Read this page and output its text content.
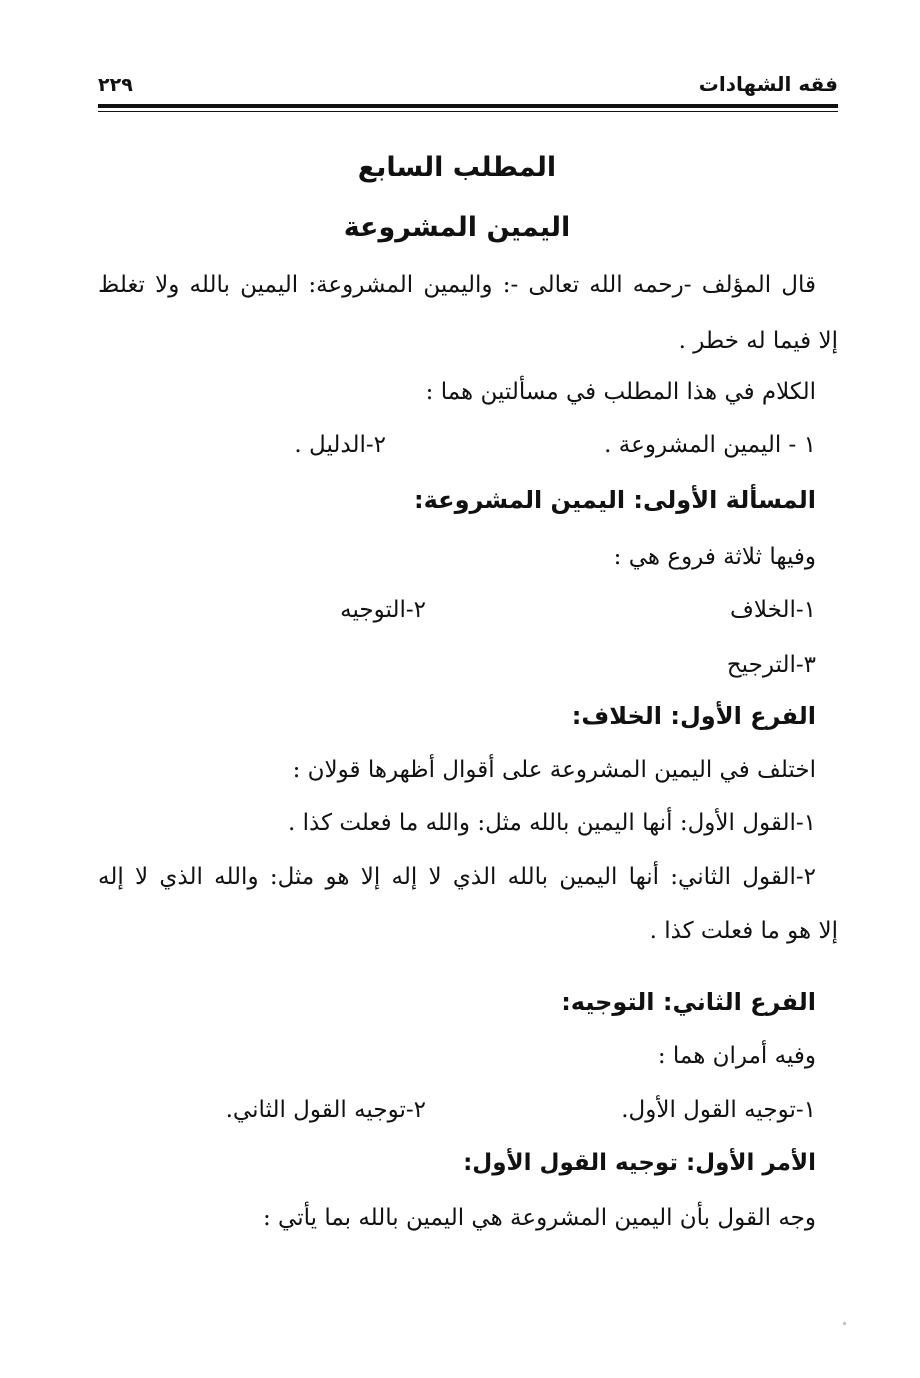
فقه الشهادات
٢٢٩
المطلب السابع
اليمين المشروعة
قال المؤلف -رحمه الله تعالى -: واليمين المشروعة: اليمين بالله ولا تغلظ
إلا فيما له خطر .
الكلام في هذا المطلب في مسألتين هما :
١ - اليمين المشروعة .
٢-الدليل .
المسألة الأولى: اليمين المشروعة:
وفيها ثلاثة فروع هي :
١-الخلاف
٢-التوجيه
٣-الترجيح
الفرع الأول: الخلاف:
اختلف في اليمين المشروعة على أقوال أظهرها قولان :
١-القول الأول: أنها اليمين بالله مثل: والله ما فعلت كذا .
٢-القول الثاني: أنها اليمين بالله الذي لا إله إلا هو مثل: والله الذي لا إله
إلا هو ما فعلت كذا .
الفرع الثاني: التوجيه:
وفيه أمران هما :
١-توجيه القول الأول.
٢-توجيه القول الثاني.
الأمر الأول: توجيه القول الأول:
وجه القول بأن اليمين المشروعة هي اليمين بالله بما يأتي :
